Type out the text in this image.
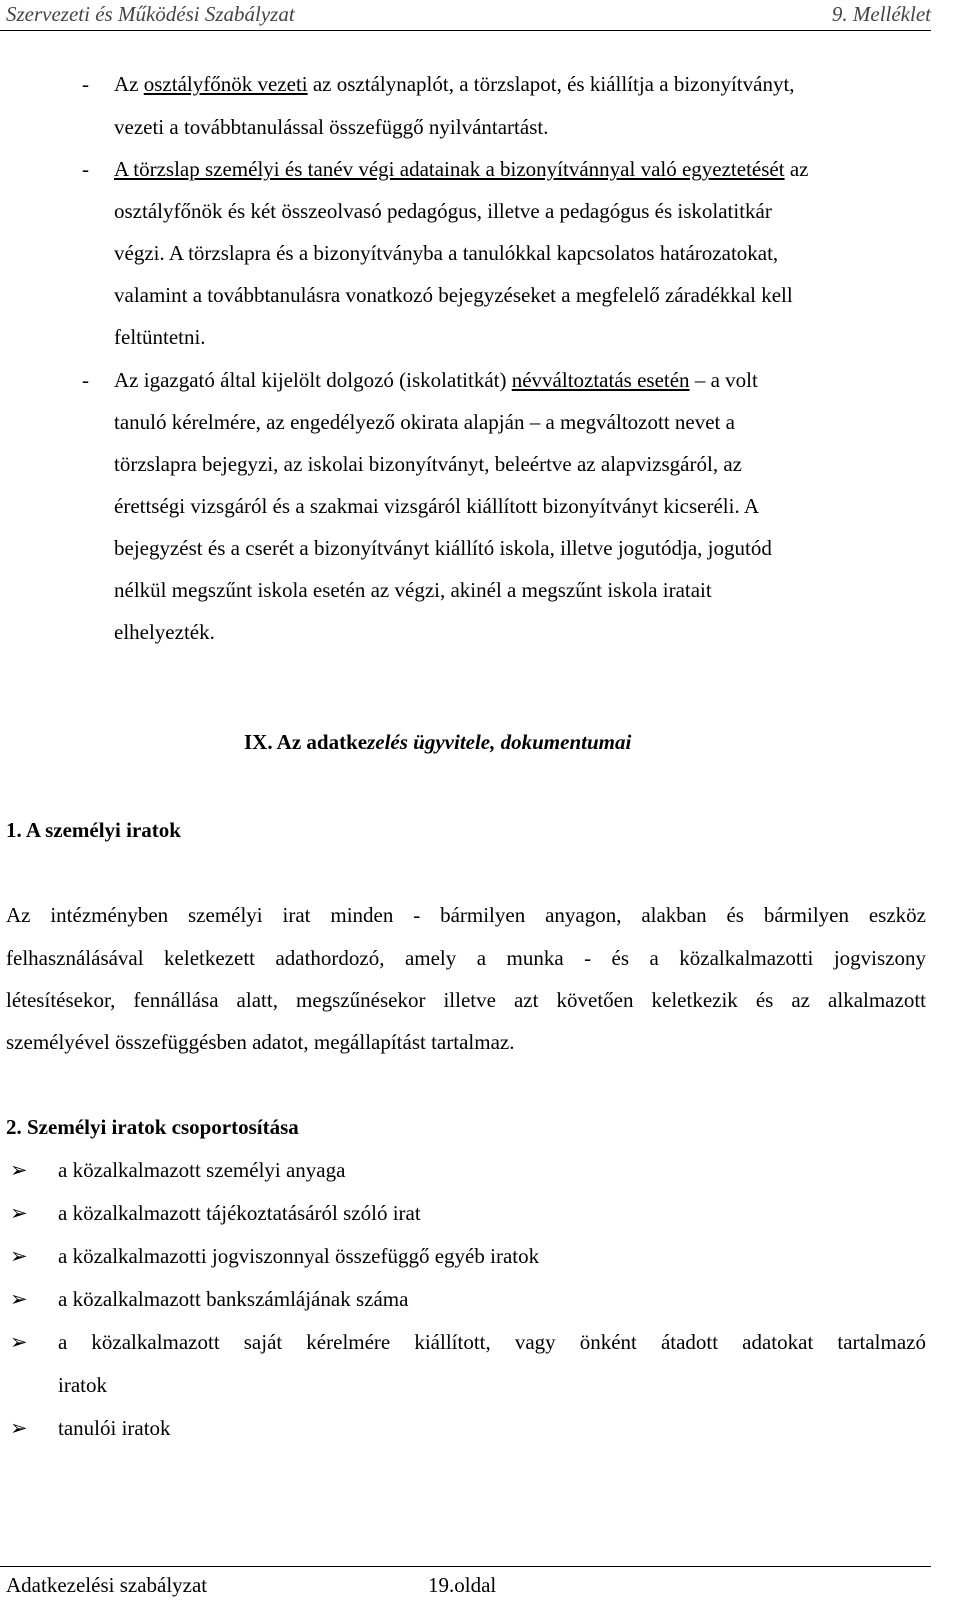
Szervezeti és Működési Szabályzat	9. Melléklet
- Az osztályfőnök vezeti az osztálynaplót, a törzslapot, és kiállítja a bizonyítványt,
vezeti a továbbtanulással összefüggő nyilvántartást.
- A törzslap személyi és tanév végi adatainak a bizonyítvánnyal való egyeztetését az
osztályfőnök és két összeolvasó pedagógus, illetve a pedagógus és iskolatitkár
végzi. A törzslapra és a bizonyítványba a tanulókkal kapcsolatos határozatokat,
valamint a továbbtanulásra vonatkozó bejegyzéseket a megfelelő záradékkal kell
feltüntetni.
- Az igazgató által kijelölt dolgozó (iskolatitkát) névváltoztatás esetén – a volt
tanuló kérelmére, az engedélyező okirata alapján – a megváltozott nevet a
törzslapra bejegyzi, az iskolai bizonyítványt, beleértve az alapvizsgáról, az
érettségi vizsgáról és a szakmai vizsgáról kiállított bizonyítványt kicseréli. A
bejegyzést és a cserét a bizonyítványt kiállító iskola, illetve jogutódja, jogutód
nélkül megszűnt iskola esetén az végzi, akinél a megszűnt iskola iratait
elhelyezték.
IX. Az adatkezelés ügyvitele, dokumentumai
1. A személyi iratok
Az intézményben személyi irat minden - bármilyen anyagon, alakban és bármilyen eszköz
felhasználásával keletkezett adathordozó, amely a munka - és a közalkalmazotti jogviszony
létesítésekor, fennállása alatt, megszűnésekor illetve azt követően keletkezik és az alkalmazott
személyével összefüggésben adatot, megállapítást tartalmaz.
2. Személyi iratok csoportosítása
➢ a közalkalmazott személyi anyaga
➢ a közalkalmazott tájékoztatásáról szóló irat
➢ a közalkalmazotti jogviszonnyal összefüggő egyéb iratok
➢ a közalkalmazott bankszámlájának száma
➢ a közalkalmazott saját kérelmére kiállított, vagy önként átadott adatokat tartalmazó
iratok
➢ tanulói iratok
Adatkezelési szabályzat	19.oldal
